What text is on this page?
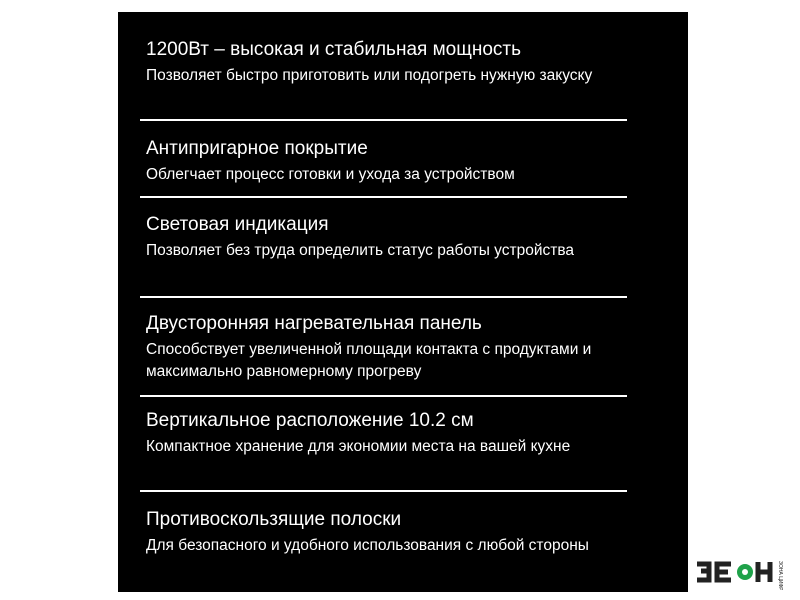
1200Вт – высокая и стабильная мощность
Позволяет быстро приготовить или подогреть нужную закуску
Антипригарное покрытие
Облегчает процесс готовки и ухода за устройством
Световая индикация
Позволяет без труда определить статус работы устройства
Двусторонняя нагревательная панель
Способствует увеличенной площади контакта с продуктами и максимально равномерному прогреву
Вертикальное расположение 10.2 см
Компактное хранение для экономии места на вашей кухне
Противоскользящие полоски
Для безопасного и удобного использования с любой стороны
ЗОНА ЦИФРЫ
